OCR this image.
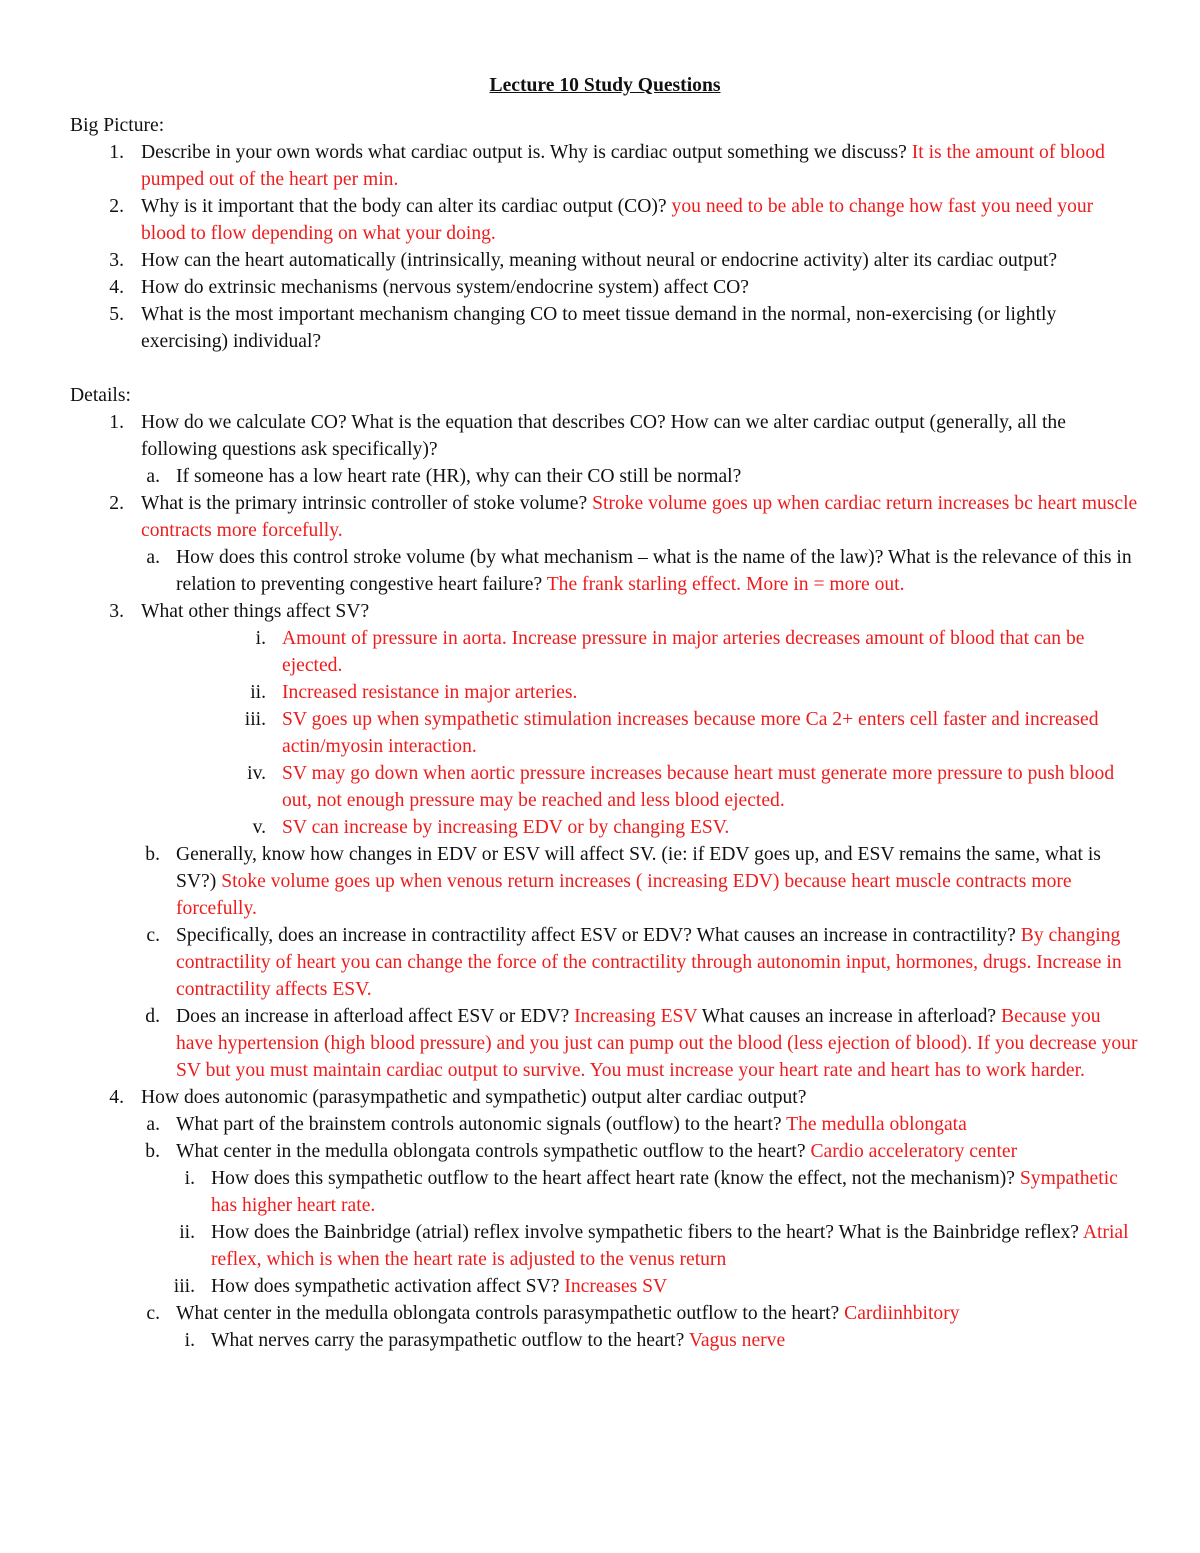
Lecture 10 Study Questions
Big Picture:
1. Describe in your own words what cardiac output is. Why is cardiac output something we discuss? It is the amount of blood pumped out of the heart per min.
2. Why is it important that the body can alter its cardiac output (CO)? you need to be able to change how fast you need your blood to flow depending on what your doing.
3. How can the heart automatically (intrinsically, meaning without neural or endocrine activity) alter its cardiac output?
4. How do extrinsic mechanisms (nervous system/endocrine system) affect CO?
5. What is the most important mechanism changing CO to meet tissue demand in the normal, non-exercising (or lightly exercising) individual?
Details:
1. How do we calculate CO? What is the equation that describes CO? How can we alter cardiac output (generally, all the following questions ask specifically)?
a. If someone has a low heart rate (HR), why can their CO still be normal?
2. What is the primary intrinsic controller of stoke volume? Stroke volume goes up when cardiac return increases bc heart muscle contracts more forcefully.
a. How does this control stroke volume (by what mechanism – what is the name of the law)? What is the relevance of this in relation to preventing congestive heart failure? The frank starling effect. More in = more out.
3. What other things affect SV?
i. Amount of pressure in aorta. Increase pressure in major arteries decreases amount of blood that can be ejected.
ii. Increased resistance in major arteries.
iii. SV goes up when sympathetic stimulation increases because more Ca 2+ enters cell faster and increased actin/myosin interaction.
iv. SV may go down when aortic pressure increases because heart must generate more pressure to push blood out, not enough pressure may be reached and less blood ejected.
v. SV can increase by increasing EDV or by changing ESV.
b. Generally, know how changes in EDV or ESV will affect SV. (ie: if EDV goes up, and ESV remains the same, what is SV?) Stoke volume goes up when venous return increases ( increasing EDV) because heart muscle contracts more forcefully.
c. Specifically, does an increase in contractility affect ESV or EDV? What causes an increase in contractility? By changing contractility of heart you can change the force of the contractility through autonomin input, hormones, drugs. Increase in contractility affects ESV.
d. Does an increase in afterload affect ESV or EDV? Increasing ESV What causes an increase in afterload? Because you have hypertension (high blood pressure) and you just can pump out the blood (less ejection of blood). If you decrease your SV but you must maintain cardiac output to survive. You must increase your heart rate and heart has to work harder.
4. How does autonomic (parasympathetic and sympathetic) output alter cardiac output?
a. What part of the brainstem controls autonomic signals (outflow) to the heart? The medulla oblongata
b. What center in the medulla oblongata controls sympathetic outflow to the heart? Cardio acceleratory center
i. How does this sympathetic outflow to the heart affect heart rate (know the effect, not the mechanism)? Sympathetic has higher heart rate.
ii. How does the Bainbridge (atrial) reflex involve sympathetic fibers to the heart? What is the Bainbridge reflex? Atrial reflex, which is when the heart rate is adjusted to the venus return
iii. How does sympathetic activation affect SV? Increases SV
c. What center in the medulla oblongata controls parasympathetic outflow to the heart? Cardiinhbitory
i. What nerves carry the parasympathetic outflow to the heart? Vagus nerve
